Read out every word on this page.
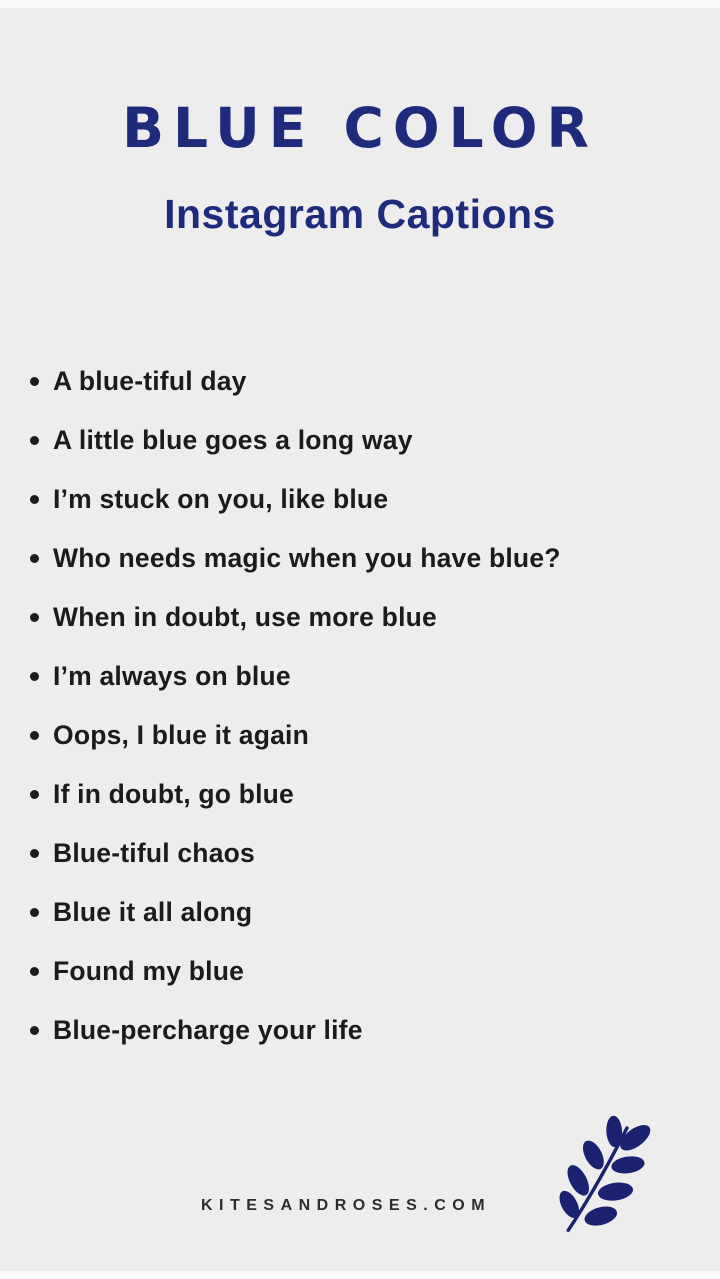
BLUE COLOR
Instagram Captions
A blue-tiful day
A little blue goes a long way
I’m stuck on you, like blue
Who needs magic when you have blue?
When in doubt, use more blue
I’m always on blue
Oops, I blue it again
If in doubt, go blue
Blue-tiful chaos
Blue it all along
Found my blue
Blue-percharge your life
KITESANDROSES.COM
